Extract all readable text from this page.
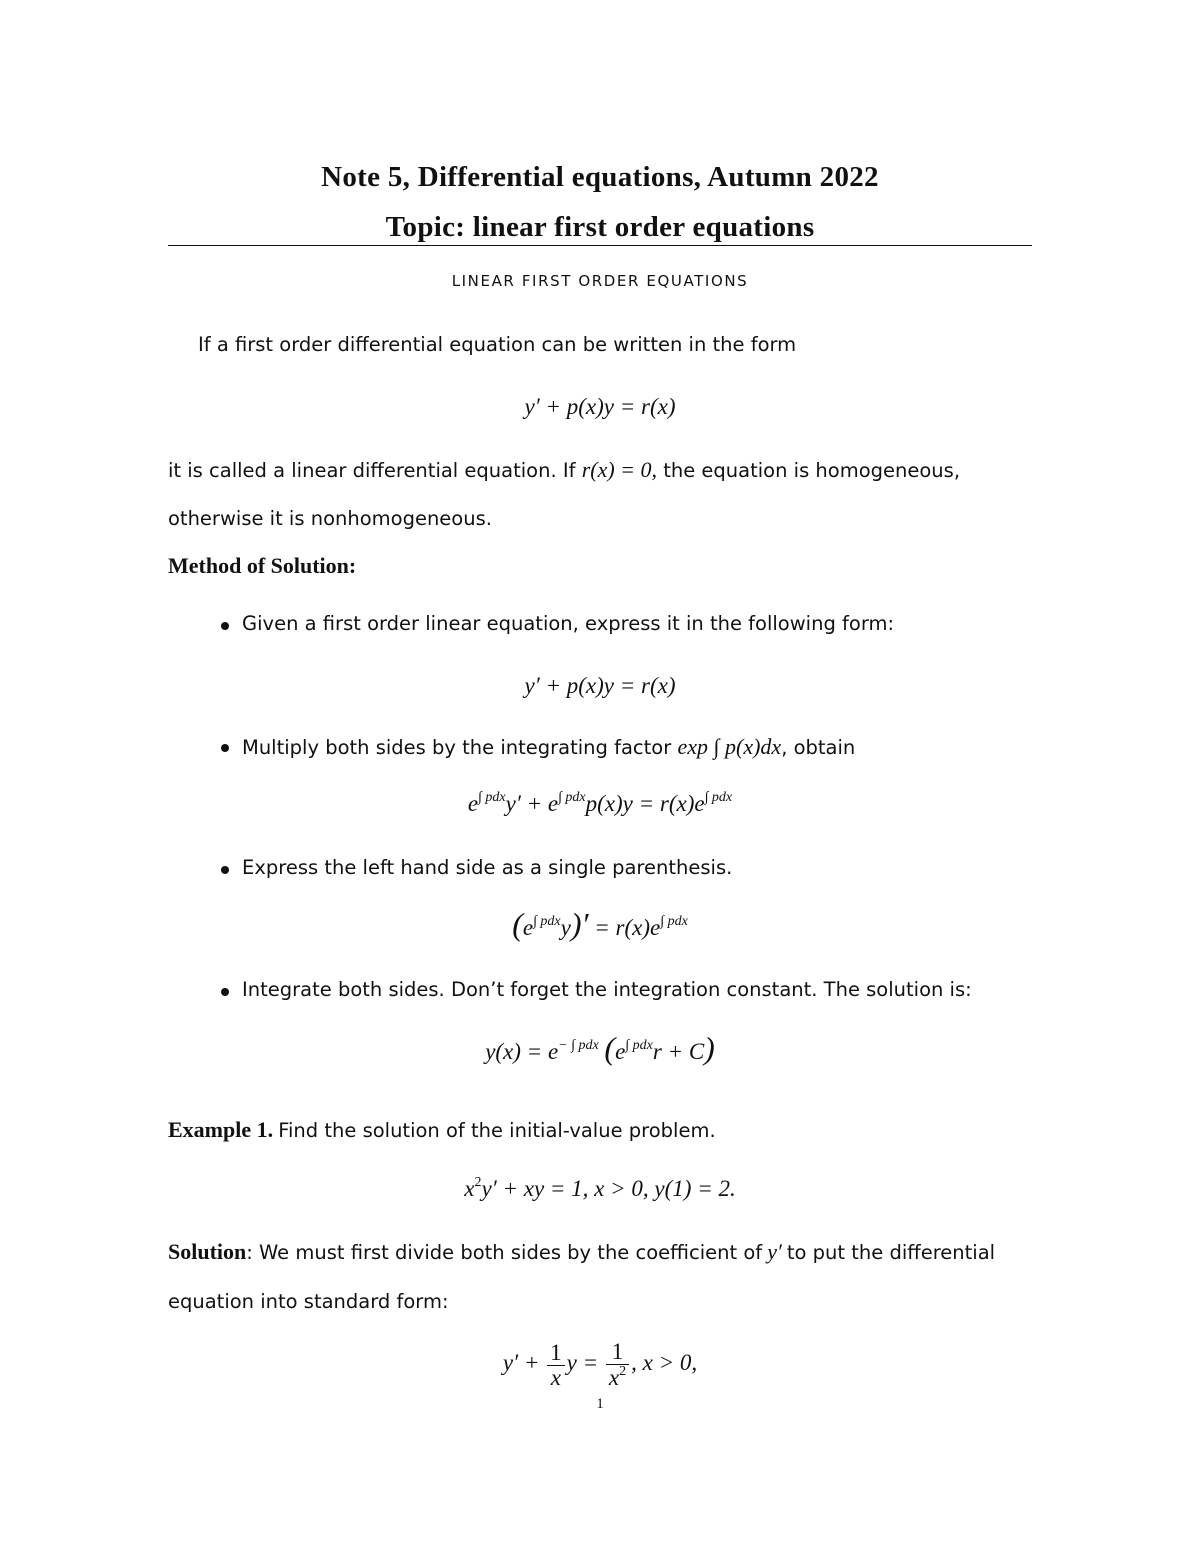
Note 5, Differential equations, Autumn 2022
Topic: linear first order equations
LINEAR FIRST ORDER EQUATIONS
If a first order differential equation can be written in the form
y′ + p(x)y = r(x)
it is called a linear differential equation. If r(x) = 0, the equation is homogeneous,
otherwise it is nonhomogeneous.
Method of Solution:
Given a first order linear equation, express it in the following form:
y′ + p(x)y = r(x)
Multiply both sides by the integrating factor exp ∫ p(x)dx, obtain
$e^{\int pdx}y' + e^{\int pdx}p(x)y = r(x)e^{\int pdx}$
Express the left hand side as a single parenthesis.
$(e^{\int pdx}y)' = r(x)e^{\int pdx}$
Integrate both sides. Don’t forget the integration constant. The solution is:
$y(x) = e^{- \int pdx}$ $(e^{\int pdx}r + C)$
Example 1. Find the solution of the initial-value problem.
$x^2y'$ + xy = 1, x > 0, y(1) = 2.
Solution: We must first divide both sides by the coefficient of y′ to put the differential
equation into standard form:
$y' + \frac{1}{x}$ $y = \frac{1}{x^2}$ , x > 0,
1
